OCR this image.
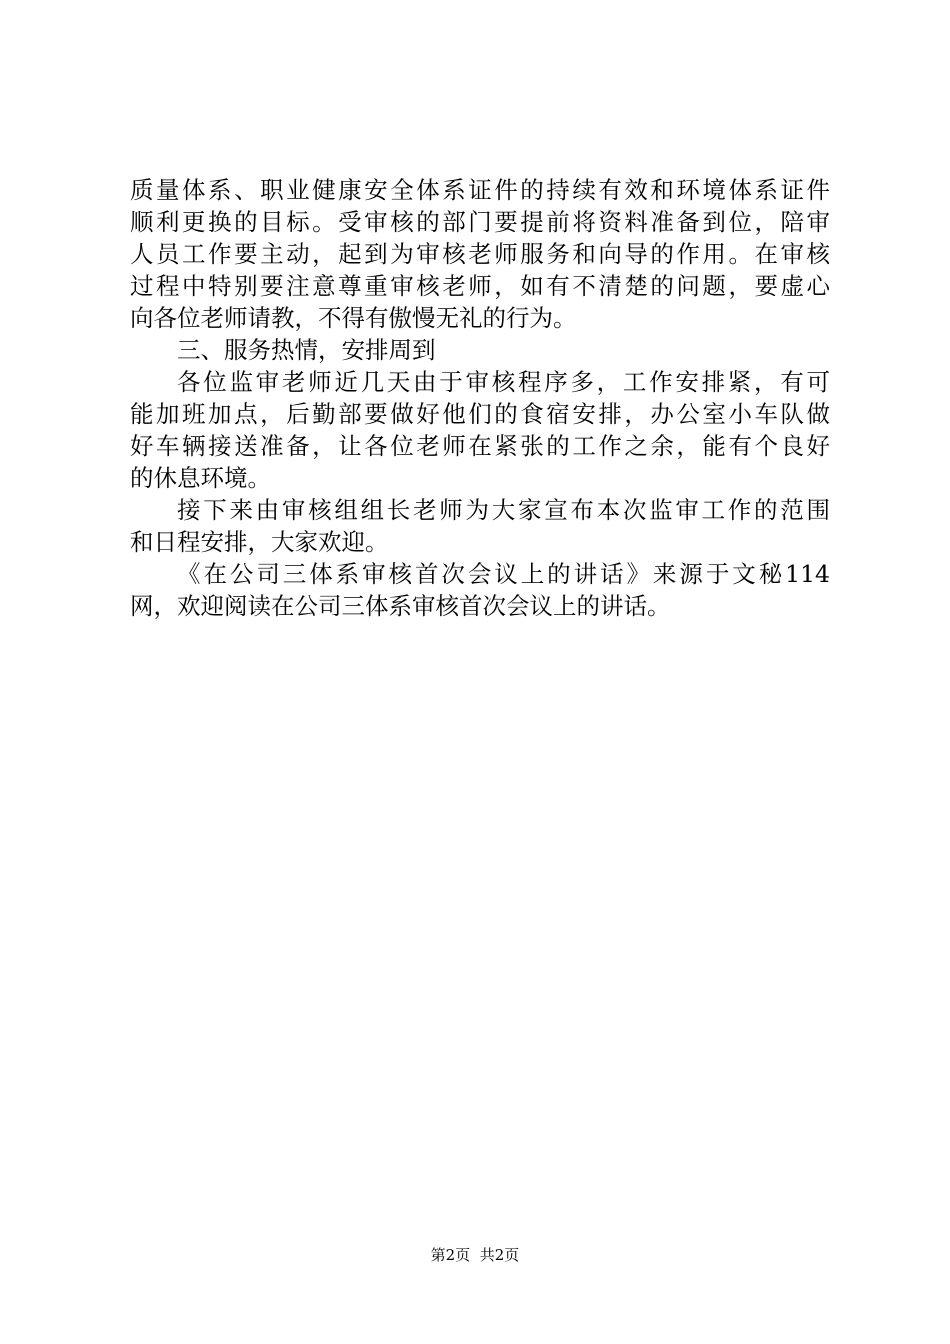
质量体系、职业健康安全体系证件的持续有效和环境体系证件
顺利更换的目标。受审核的部门要提前将资料准备到位，陪审
人员工作要主动，起到为审核老师服务和向导的作用。在审核
过程中特别要注意尊重审核老师，如有不清楚的问题，要虚心
向各位老师请教，不得有傲慢无礼的行为。
三、服务热情，安排周到
各位监审老师近几天由于审核程序多，工作安排紧，有可
能加班加点，后勤部要做好他们的食宿安排，办公室小车队做
好车辆接送准备，让各位老师在紧张的工作之余，能有个良好
的休息环境。
接下来由审核组组长老师为大家宣布本次监审工作的范围
和日程安排，大家欢迎。
《在公司三体系审核首次会议上的讲话》来源于文秘114
网，欢迎阅读在公司三体系审核首次会议上的讲话。
第2页 共2页
